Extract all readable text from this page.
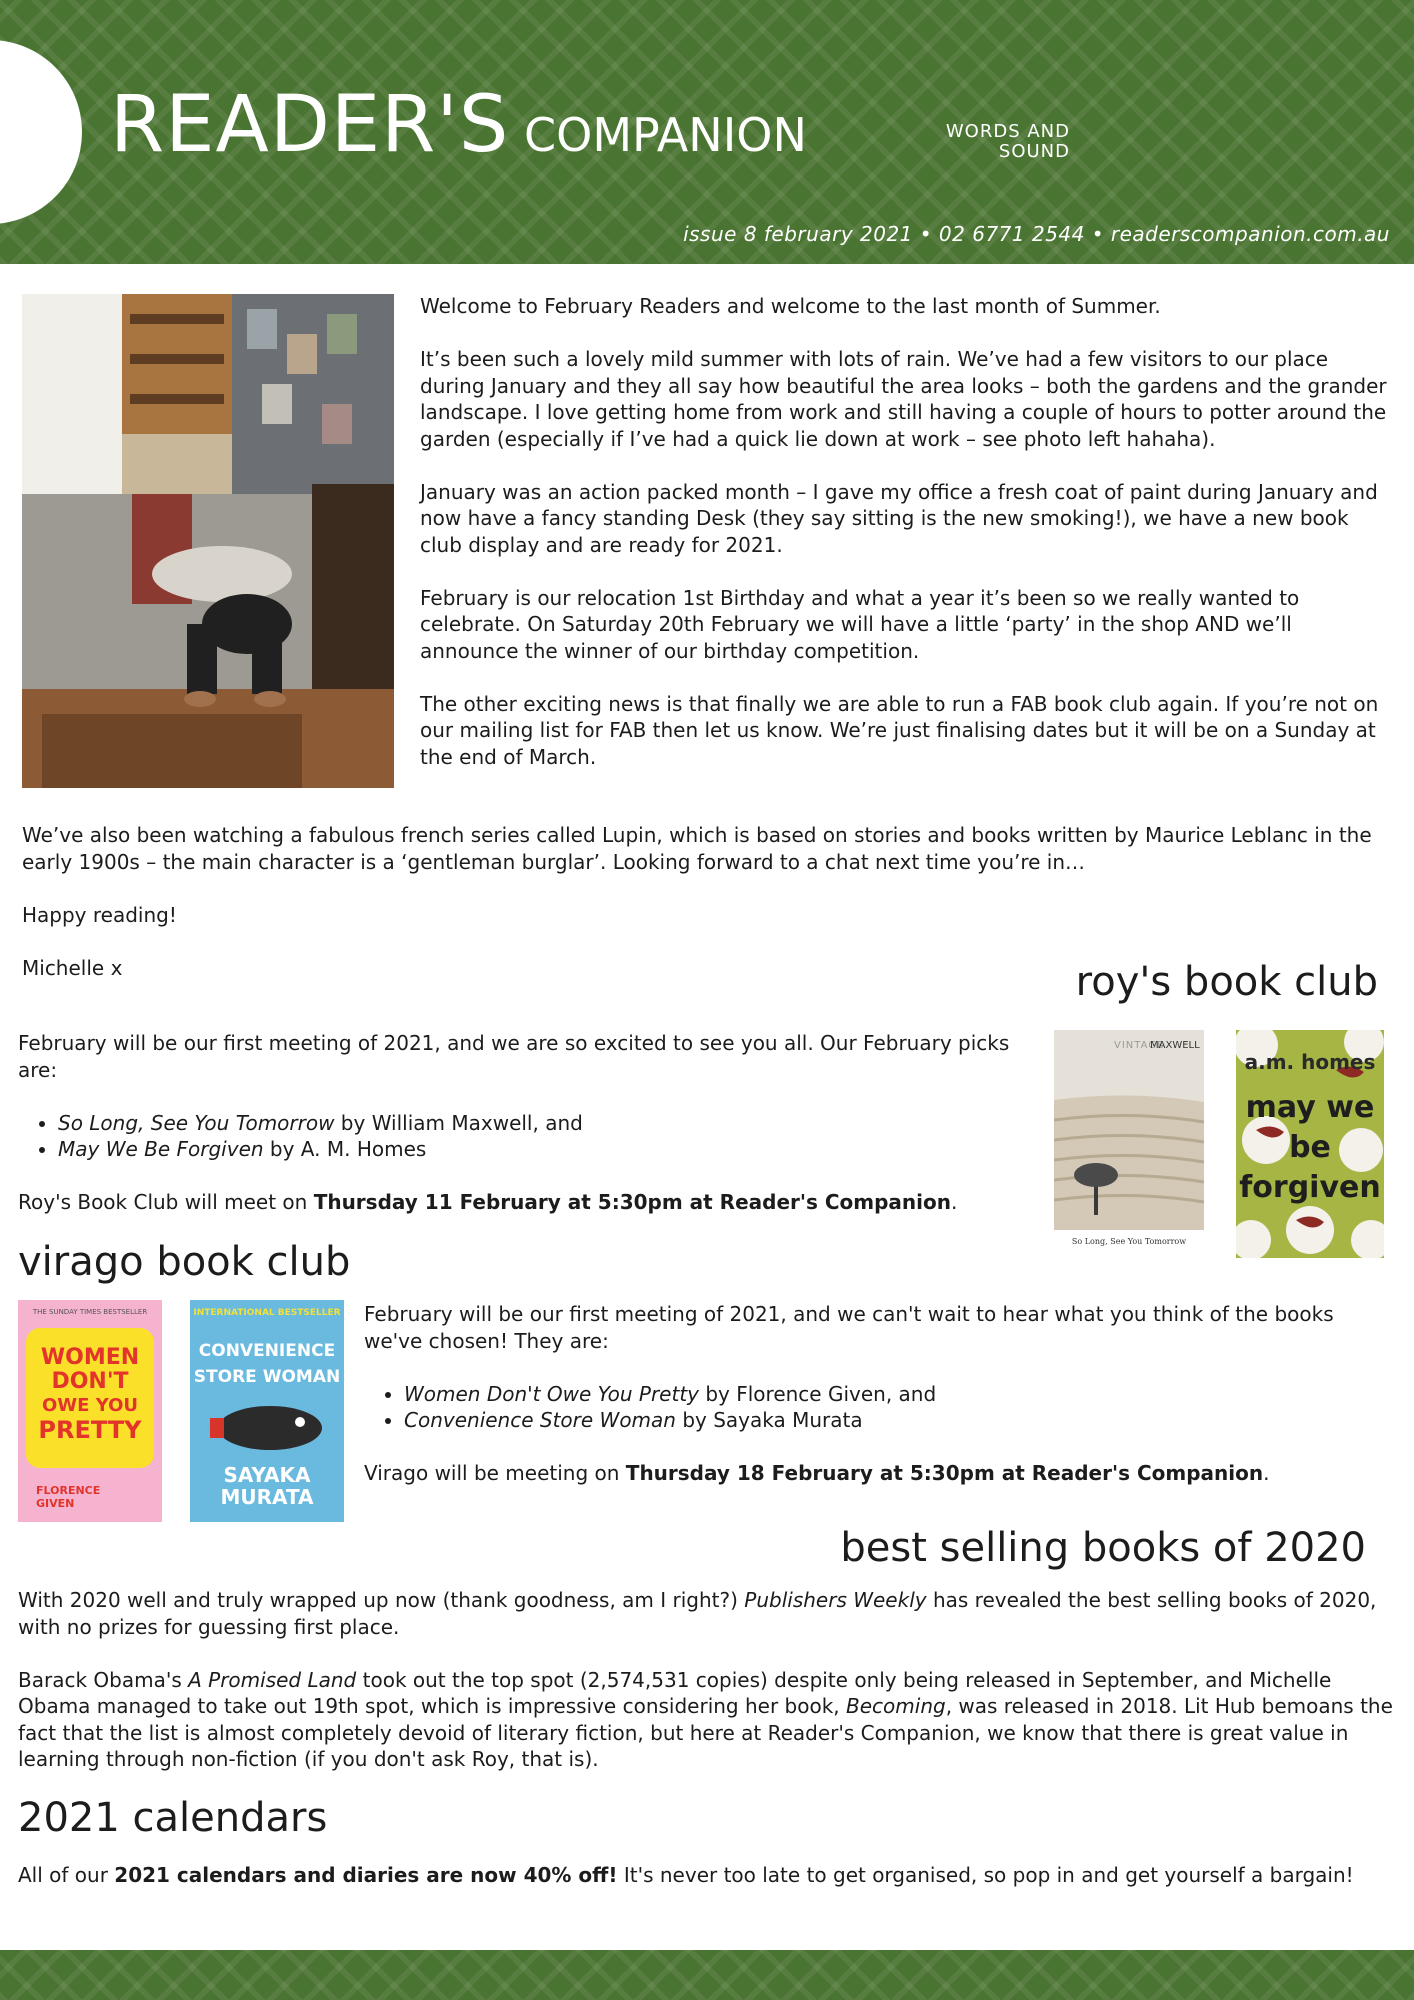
READER'S COMPANION	WORDS AND
SOUND
issue 8 february 2021 • 02 6771 2544 • readerscompanion.com.au

Welcome to February Readers and welcome to the last month of Summer.

It’s been such a lovely mild summer with lots of rain. We’ve had a few visitors to our place during January and they all say how beautiful the area looks – both the gardens and the grander landscape. I love getting home from work and still having a couple of hours to potter around the garden (especially if I’ve had a quick lie down at work – see photo left hahaha).

January was an action packed month – I gave my office a fresh coat of paint during January and now have a fancy standing Desk (they say sitting is the new smoking!), we have a new book club display and are ready for 2021.

February is our relocation 1st Birthday and what a year it’s been so we really wanted to celebrate. On Saturday 20th February we will have a little ‘party’ in the shop AND we’ll announce the winner of our birthday competition.

The other exciting news is that finally we are able to run a FAB book club again. If you’re not on our mailing list for FAB then let us know. We’re just finalising dates but it will be on a Sunday at the end of March.

We’ve also been watching a fabulous french series called Lupin, which is based on stories and books written by Maurice Leblanc in the early 1900s – the main character is a ‘gentleman burglar’. Looking forward to a chat next time you’re in…

Happy reading!

Michelle x	roy's book club

February will be our first meeting of 2021, and we are so excited to see you all. Our February picks are:

• So Long, See You Tomorrow by William Maxwell, and
• May We Be Forgiven by A. M. Homes

Roy's Book Club will meet on Thursday 11 February at 5:30pm at Reader's Companion.

VINTAGE
MAXWELL
So Long, See You Tomorrow
a.m. homes
may we
be
forgiven
virago book club
THE SUNDAY TIMES BESTSELLER
WOMEN
DON'T
OWE YOU
PRETTY
FLORENCE
GIVEN
INTERNATIONAL BESTSELLER
CONVENIENCE
STORE WOMAN
SAYAKA
MURATA

February will be our first meeting of 2021, and we can't wait to hear what you think of the books we've chosen! They are:

• Women Don't Owe You Pretty by Florence Given, and
• Convenience Store Woman by Sayaka Murata

Virago will be meeting on Thursday 18 February at 5:30pm at Reader's Companion.

best selling books of 2020

With 2020 well and truly wrapped up now (thank goodness, am I right?) Publishers Weekly has revealed the best selling books of 2020, with no prizes for guessing first place.

Barack Obama's A Promised Land took out the top spot (2,574,531 copies) despite only being released in September, and Michelle Obama managed to take out 19th spot, which is impressive considering her book, Becoming, was released in 2018. Lit Hub bemoans the fact that the list is almost completely devoid of literary fiction, but here at Reader's Companion, we know that there is great value in learning through non-fiction (if you don't ask Roy, that is).

2021 calendars

All of our 2021 calendars and diaries are now 40% off! It's never too late to get organised, so pop in and get yourself a bargain!
